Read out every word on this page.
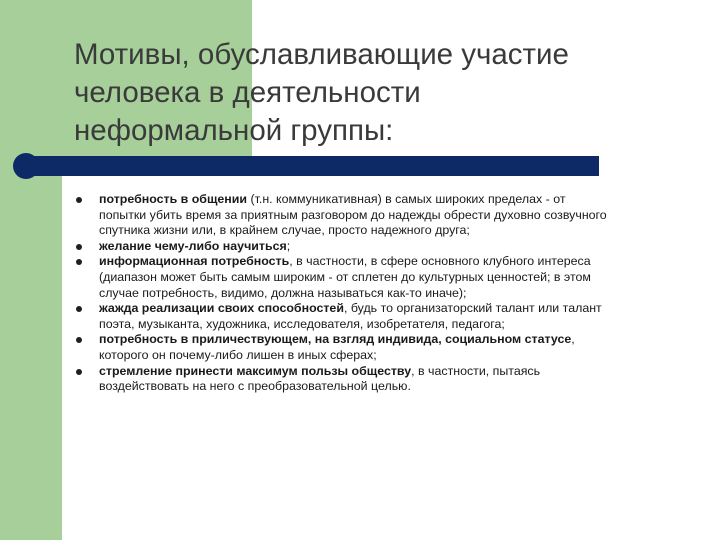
Мотивы, обуславливающие участие
человека в деятельности
неформальной группы:
потребность в общении (т.н. коммуникативная) в самых широких пределах - от попытки убить время за приятным разговором до надежды обрести духовно созвучного спутника жизни или, в крайнем случае, просто надежного друга;
желание чему-либо научиться;
информационная потребность, в частности, в сфере основного клубного интереса (диапазон может быть самым широким - от сплетен до культурных ценностей; в этом случае потребность, видимо, должна называться как-то иначе);
жажда реализации своих способностей, будь то организаторский талант или талант поэта, музыканта, художника, исследователя, изобретателя, педагога;
потребность в приличествующем, на взгляд индивида, социальном статусе, которого он почему-либо лишен в иных сферах;
стремление принести максимум пользы обществу, в частности, пытаясь воздействовать на него с преобразовательной целью.
